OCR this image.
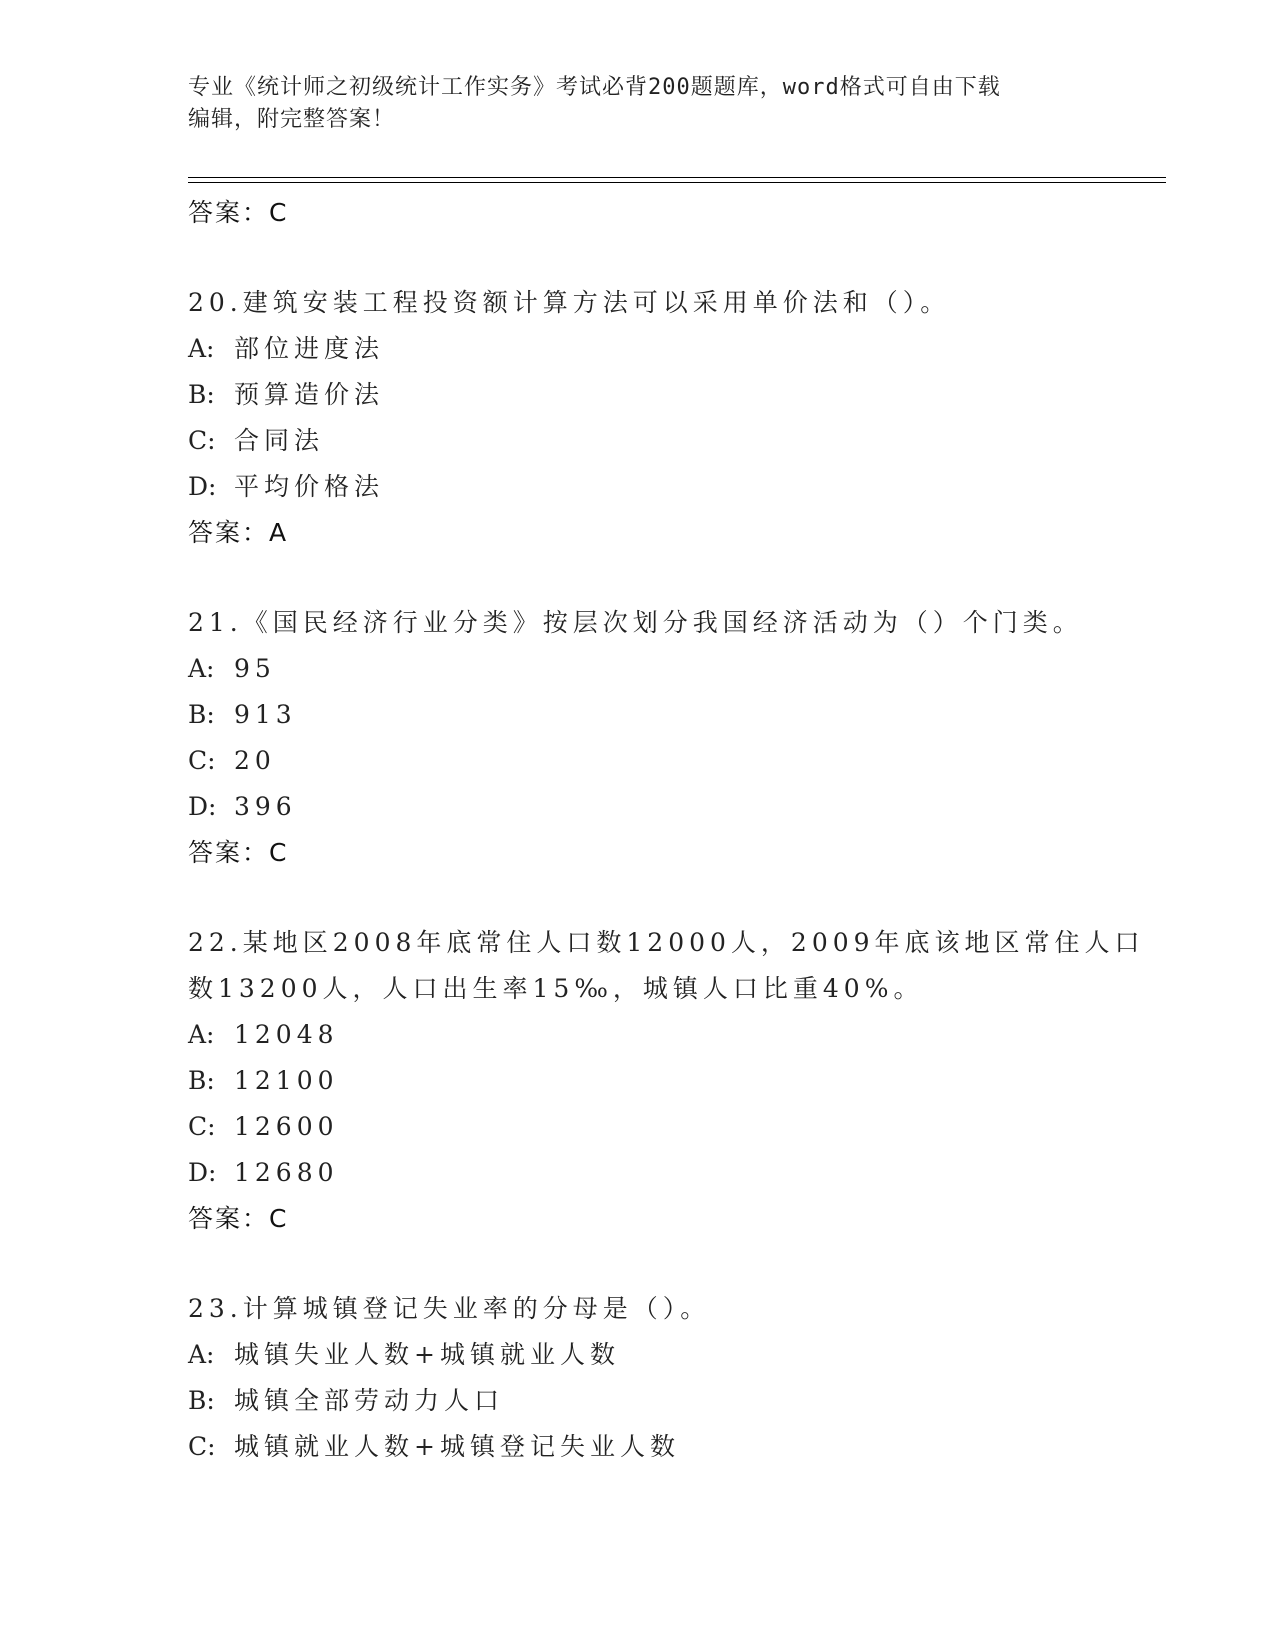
专业《统计师之初级统计工作实务》考试必背200题题库，word格式可自由下载
编辑，附完整答案！
答案：C
20.建筑安装工程投资额计算方法可以采用单价法和（）。
A: 部位进度法
B: 预算造价法
C: 合同法
D: 平均价格法
答案：A
21.《国民经济行业分类》按层次划分我国经济活动为（）个门类。
A: 95
B: 913
C: 20
D: 396
答案：C
22.某地区2008年底常住人口数12000人，2009年底该地区常住人口
数13200人，人口出生率15‰，城镇人口比重40%。
A: 12048
B: 12100
C: 12600
D: 12680
答案：C
23.计算城镇登记失业率的分母是（）。
A: 城镇失业人数+城镇就业人数
B: 城镇全部劳动力人口
C: 城镇就业人数+城镇登记失业人数
